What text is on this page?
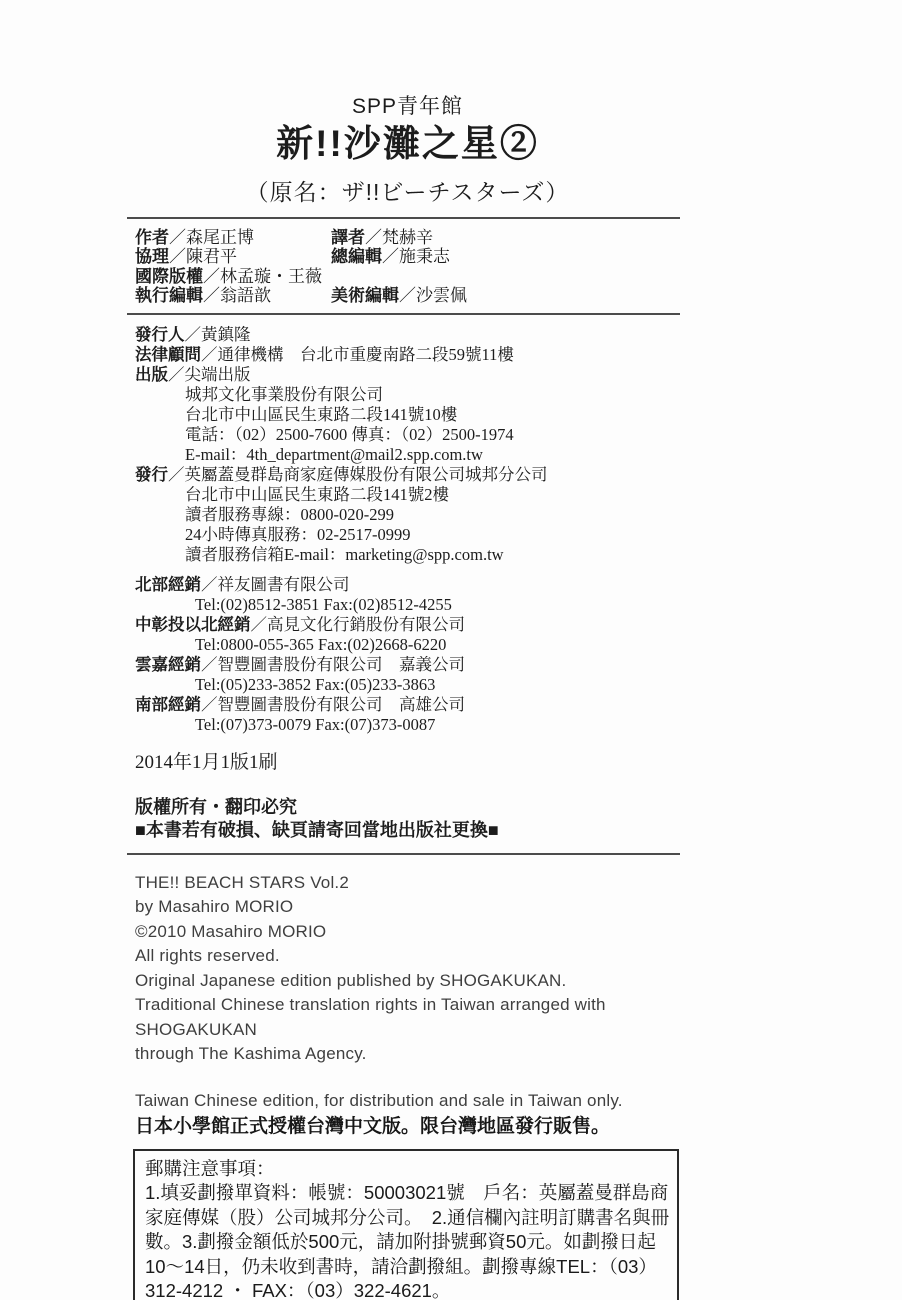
SPP青年館
新!!沙灘之星②
（原名：ザ!!ビーチスターズ）
作者／森尾正博	譯者／梵赫辛
協理／陳君平	總編輯／施秉志
國際版權／林孟璇・王薇
執行編輯／翁語歆	美術編輯／沙雲佩
發行人／黃鎮隆
法律顧問／通律機構　台北市重慶南路二段59號11樓
出版／尖端出版
城邦文化事業股份有限公司
台北市中山區民生東路二段141號10樓
電話：（02）2500-7600 傳真：（02）2500-1974
E-mail：4th_department@mail2.spp.com.tw
發行／英屬蓋曼群島商家庭傳媒股份有限公司城邦分公司
台北市中山區民生東路二段141號2樓
讀者服務專線：0800-020-299
24小時傳真服務：02-2517-0999
讀者服務信箱E-mail：marketing@spp.com.tw
北部經銷／祥友圖書有限公司
Tel:(02)8512-3851 Fax:(02)8512-4255
中彰投以北經銷／高見文化行銷股份有限公司
Tel:0800-055-365 Fax:(02)2668-6220
雲嘉經銷／智豐圖書股份有限公司　嘉義公司
Tel:(05)233-3852 Fax:(05)233-3863
南部經銷／智豐圖書股份有限公司　高雄公司
Tel:(07)373-0079 Fax:(07)373-0087
2014年1月1版1刷
版權所有・翻印必究
■本書若有破損、缺頁請寄回當地出版社更換■
THE!! BEACH STARS Vol.2
by Masahiro MORIO
©2010 Masahiro MORIO
All rights reserved.
Original Japanese edition published by SHOGAKUKAN.
Traditional Chinese translation rights in Taiwan arranged with SHOGAKUKAN
through The Kashima Agency.
Taiwan Chinese edition, for distribution and sale in Taiwan only.
日本小學館正式授權台灣中文版。限台灣地區發行販售。
郵購注意事項：
1.填妥劃撥單資料：帳號：50003021號　戶名：英屬蓋曼群島商
家庭傳媒（股）公司城邦分公司。　2.通信欄內註明訂購書名與冊
數。3.劃撥金額低於500元，請加附掛號郵資50元。如劃撥日起
10～14日，仍未收到書時，請洽劃撥組。劃撥專線TEL：（03）
312-4212 ・ FAX：（03）322-4621。
